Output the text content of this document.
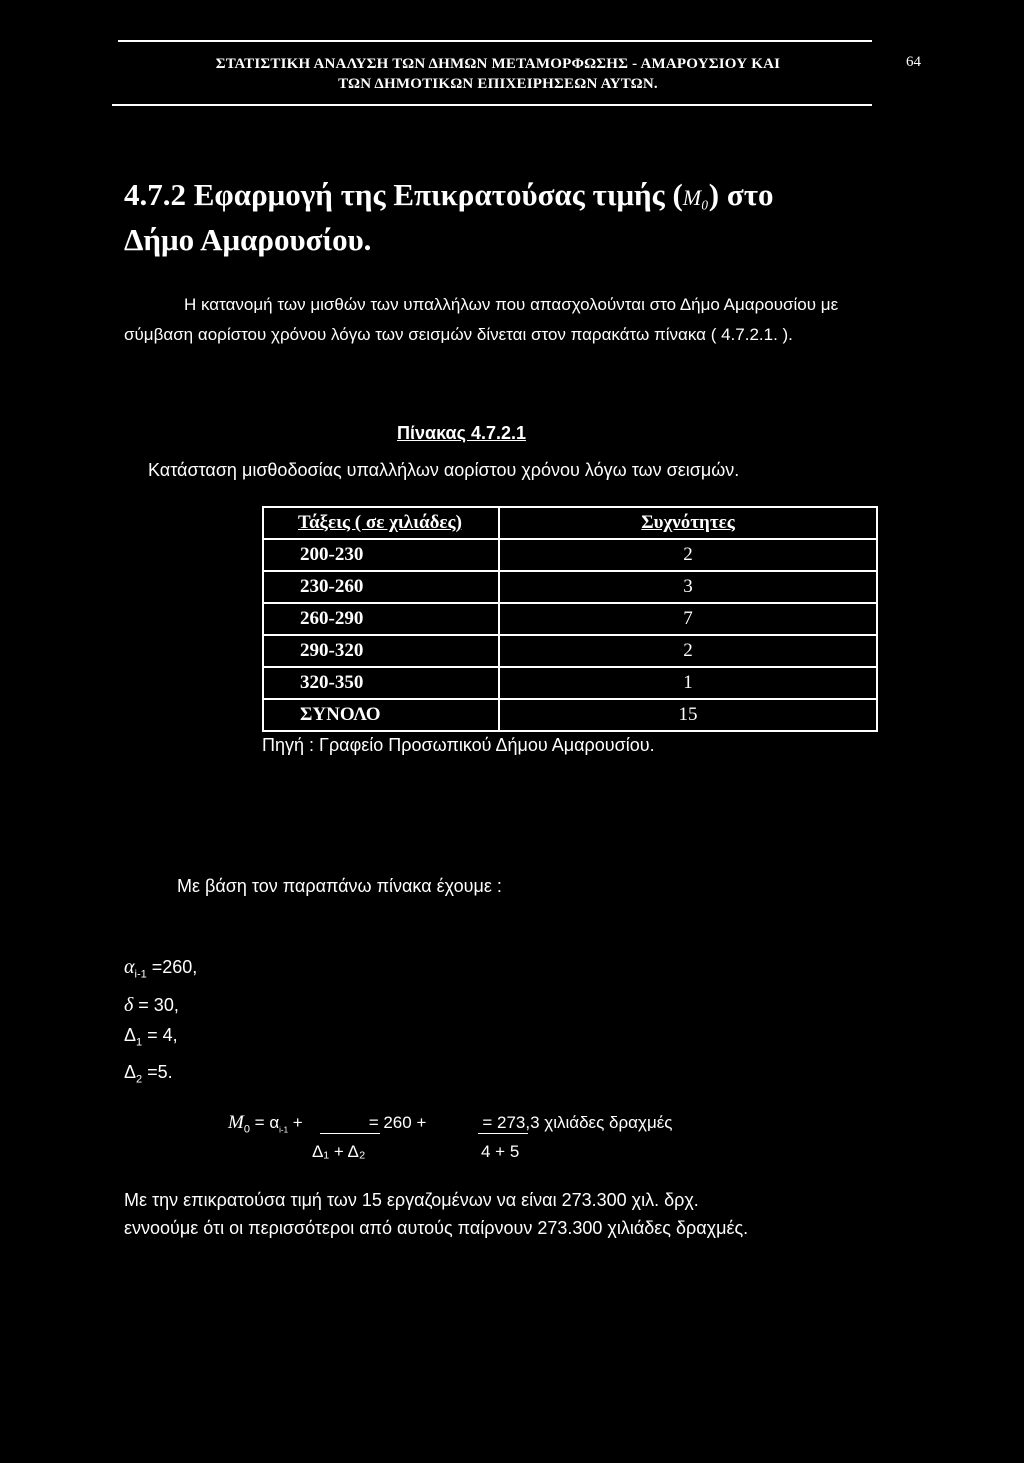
ΣΤΑΤΙΣΤΙΚΗ ΑΝΑΛΥΣΗ ΤΩΝ ΔΗΜΩΝ ΜΕΤΑΜΟΡΦΩΣΗΣ - ΑΜΑΡΟΥΣΙΟΥ ΚΑΙ
ΤΩΝ ΔΗΜΟΤΙΚΩΝ ΕΠΙΧΕΙΡΗΣΕΩΝ ΑΥΤΩΝ.
64
4.7.2 Εφαρμογή της Επικρατούσας τιμής (M₀) στο
Δήμο Αμαρουσίου.
Η κατανομή των μισθών των υπαλλήλων που απασχολούνται στο Δήμο Αμαρουσίου με σύμβαση αορίστου χρόνου λόγω των σεισμών δίνεται στον παρακάτω πίνακα ( 4.7.2.1. ).
Πίνακας 4.7.2.1
Κατάσταση μισθοδοσίας υπαλλήλων αορίστου χρόνου λόγω των σεισμών.
Τάξεις ( σε χιλιάδες)	Συχνότητες
200-230	2
230-260	3
260-290	7
290-320	2
320-350	1
ΣΥΝΟΛΟ	15
Πηγή : Γραφείο Προσωπικού Δήμου Αμαρουσίου.
Με βάση τον παραπάνω πίνακα έχουμε :
$\alpha_{i-1} =260$,
δ = 30,
$\Delta_1 = 4$,
$\Delta_2 =5$.
$M_0 = \alpha_{i-1}$ +	= 260 +	= 273,3 χιλιάδες δραχμές
Δ₁ + Δ₂	4 + 5
Με την επικρατούσα τιμή των 15 εργαζομένων να είναι 273.300 χιλ. δρχ.
εννοούμε ότι οι περισσότεροι από αυτούς παίρνουν 273.300 χιλιάδες δραχμές.
